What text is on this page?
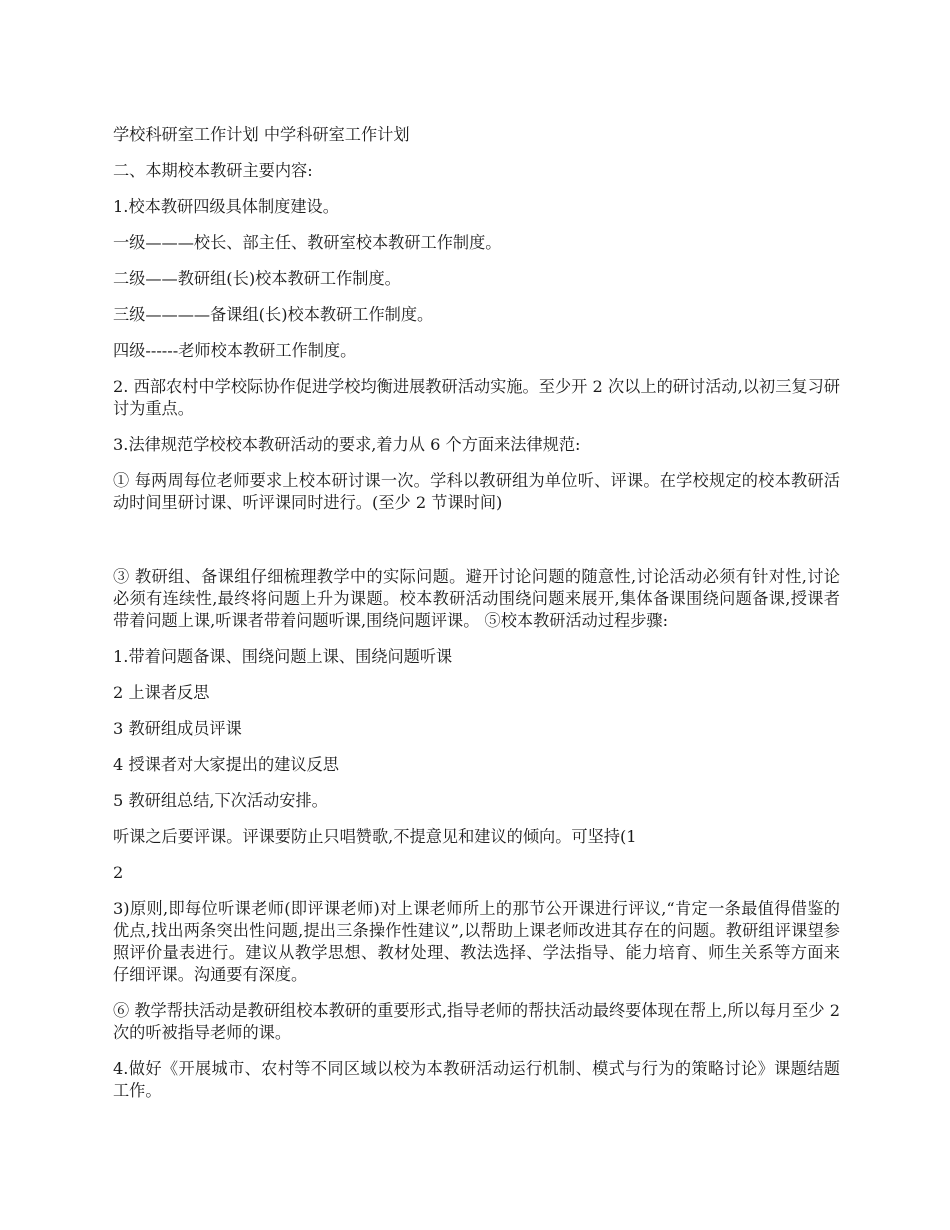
学校科研室工作计划 中学科研室工作计划

二、本期校本教研主要内容:

1.校本教研四级具体制度建设。

一级———校长、部主任、教研室校本教研工作制度。

二级——教研组(长)校本教研工作制度。

三级————备课组(长)校本教研工作制度。

四级------老师校本教研工作制度。

2. 西部农村中学校际协作促进学校均衡进展教研活动实施。至少开 2 次以上的研讨活动,以初三复习研讨为重点。

3.法律规范学校校本教研活动的要求,着力从 6 个方面来法律规范:

① 每两周每位老师要求上校本研讨课一次。学科以教研组为单位听、评课。在学校规定的校本教研活动时间里研讨课、听评课同时进行。(至少 2 节课时间)

③ 教研组、备课组仔细梳理教学中的实际问题。避开讨论问题的随意性,讨论活动必须有针对性,讨论必须有连续性,最终将问题上升为课题。校本教研活动围绕问题来展开,集体备课围绕问题备课,授课者带着问题上课,听课者带着问题听课,围绕问题评课。 ⑤校本教研活动过程步骤:

1.带着问题备课、围绕问题上课、围绕问题听课

2 上课者反思

3 教研组成员评课

4 授课者对大家提出的建议反思

5 教研组总结,下次活动安排。

听课之后要评课。评课要防止只唱赞歌,不提意见和建议的倾向。可坚持(1

2

3)原则,即每位听课老师(即评课老师)对上课老师所上的那节公开课进行评议,“肯定一条最值得借鉴的优点,找出两条突出性问题,提出三条操作性建议”,以帮助上课老师改进其存在的问题。教研组评课望参照评价量表进行。建议从教学思想、教材处理、教法选择、学法指导、能力培育、师生关系等方面来仔细评课。沟通要有深度。

⑥ 教学帮扶活动是教研组校本教研的重要形式,指导老师的帮扶活动最终要体现在帮上,所以每月至少 2 次的听被指导老师的课。

4.做好《开展城市、农村等不同区域以校为本教研活动运行机制、模式与行为的策略讨论》课题结题工作。
